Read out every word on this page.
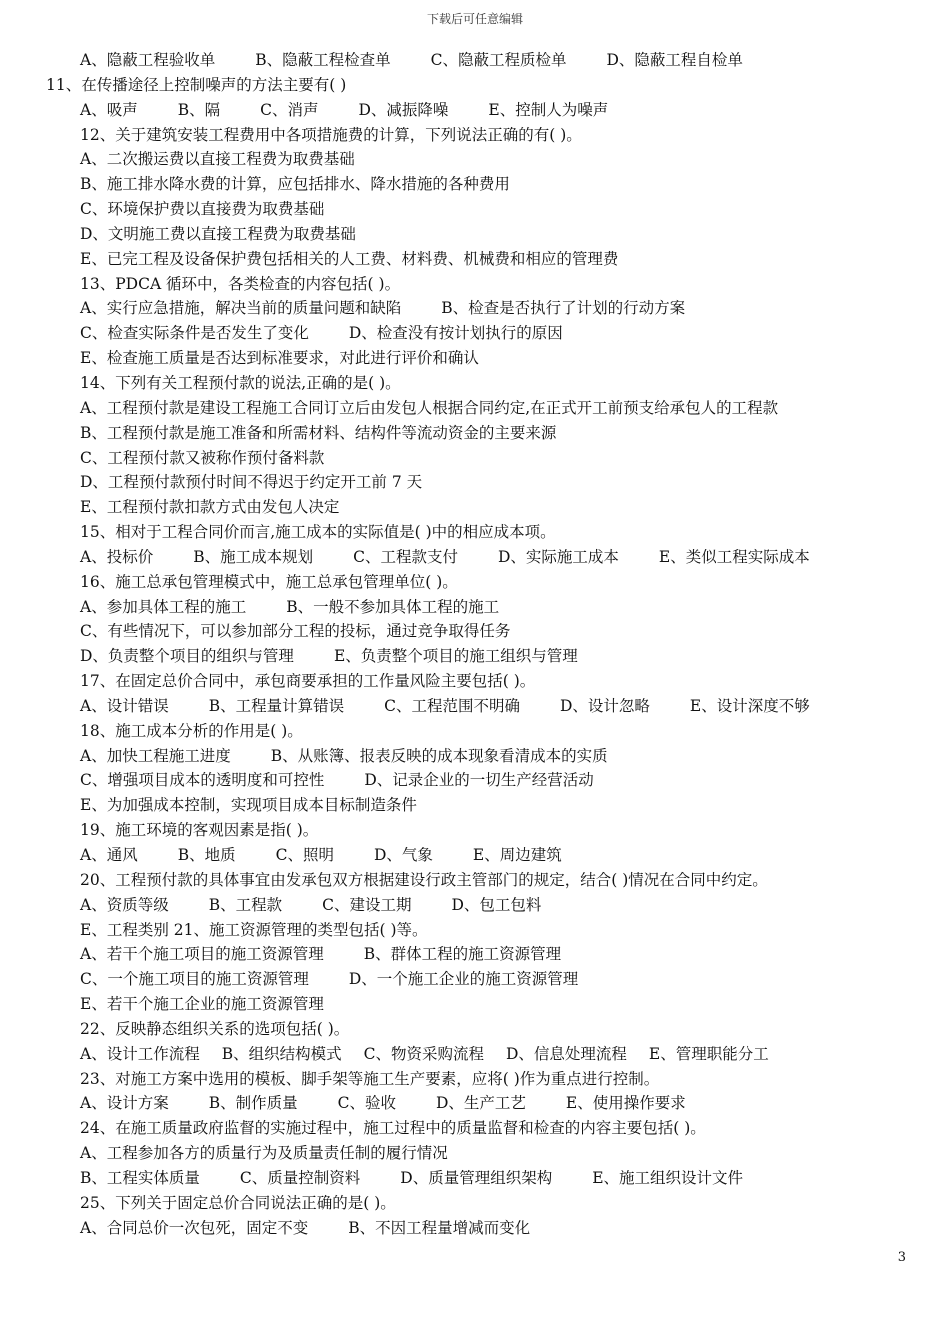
下载后可任意编辑
A、隐蔽工程验收单	B、隐蔽工程检查单	C、隐蔽工程质检单	D、隐蔽工程自检单
11、在传播途径上控制噪声的方法主要有( )
A、吸声	B、隔	C、消声	D、减振降噪	E、控制人为噪声
12、关于建筑安装工程费用中各项措施费的计算，下列说法正确的有( )。
A、二次搬运费以直接工程费为取费基础
B、施工排水降水费的计算，应包括排水、降水措施的各种费用
C、环境保护费以直接费为取费基础
D、文明施工费以直接工程费为取费基础
E、已完工程及设备保护费包括相关的人工费、材料费、机械费和相应的管理费
13、PDCA 循环中，各类检查的内容包括( )。
A、实行应急措施，解决当前的质量问题和缺陷	B、检查是否执行了计划的行动方案
C、检查实际条件是否发生了变化	D、检查没有按计划执行的原因
E、检查施工质量是否达到标准要求，对此进行评价和确认
14、下列有关工程预付款的说法,正确的是( )。
A、工程预付款是建设工程施工合同订立后由发包人根据合同约定,在正式开工前预支给承包人的工程款
B、工程预付款是施工准备和所需材料、结构件等流动资金的主要来源
C、工程预付款又被称作预付备料款
D、工程预付款预付时间不得迟于约定开工前 7 天
E、工程预付款扣款方式由发包人决定
15、相对于工程合同价而言,施工成本的实际值是( )中的相应成本项。
A、投标价	B、施工成本规划	C、工程款支付	D、实际施工成本	E、类似工程实际成本
16、施工总承包管理模式中，施工总承包管理单位( )。
A、参加具体工程的施工	B、一般不参加具体工程的施工
C、有些情况下，可以参加部分工程的投标，通过竞争取得任务
D、负责整个项目的组织与管理	E、负责整个项目的施工组织与管理
17、在固定总价合同中，承包商要承担的工作量风险主要包括( )。
A、设计错误	B、工程量计算错误	C、工程范围不明确	D、设计忽略	E、设计深度不够
18、施工成本分析的作用是( )。
A、加快工程施工进度	B、从账簿、报表反映的成本现象看清成本的实质
C、增强项目成本的透明度和可控性	D、记录企业的一切生产经营活动
E、为加强成本控制，实现项目成本目标制造条件
19、施工环境的客观因素是指( )。
A、通风	B、地质	C、照明	D、气象	E、周边建筑
20、工程预付款的具体事宜由发承包双方根据建设行政主管部门的规定，结合( )情况在合同中约定。
A、资质等级	B、工程款	C、建设工期	D、包工包料
E、工程类别 21、施工资源管理的类型包括( )等。
A、若干个施工项目的施工资源管理	B、群体工程的施工资源管理
C、一个施工项目的施工资源管理	D、一个施工企业的施工资源管理
E、若干个施工企业的施工资源管理
22、反映静态组织关系的选项包括( )。
A、设计工作流程 B、组织结构模式 C、物资采购流程 D、信息处理流程 E、管理职能分工
23、对施工方案中选用的模板、脚手架等施工生产要素，应将( )作为重点进行控制。
A、设计方案	B、制作质量	C、验收	D、生产工艺	E、使用操作要求
24、在施工质量政府监督的实施过程中，施工过程中的质量监督和检查的内容主要包括( )。
A、工程参加各方的质量行为及质量责任制的履行情况
B、工程实体质量	C、质量控制资料	D、质量管理组织架构	E、施工组织设计文件
25、下列关于固定总价合同说法正确的是( )。
A、合同总价一次包死，固定不变	B、不因工程量增减而变化
3
